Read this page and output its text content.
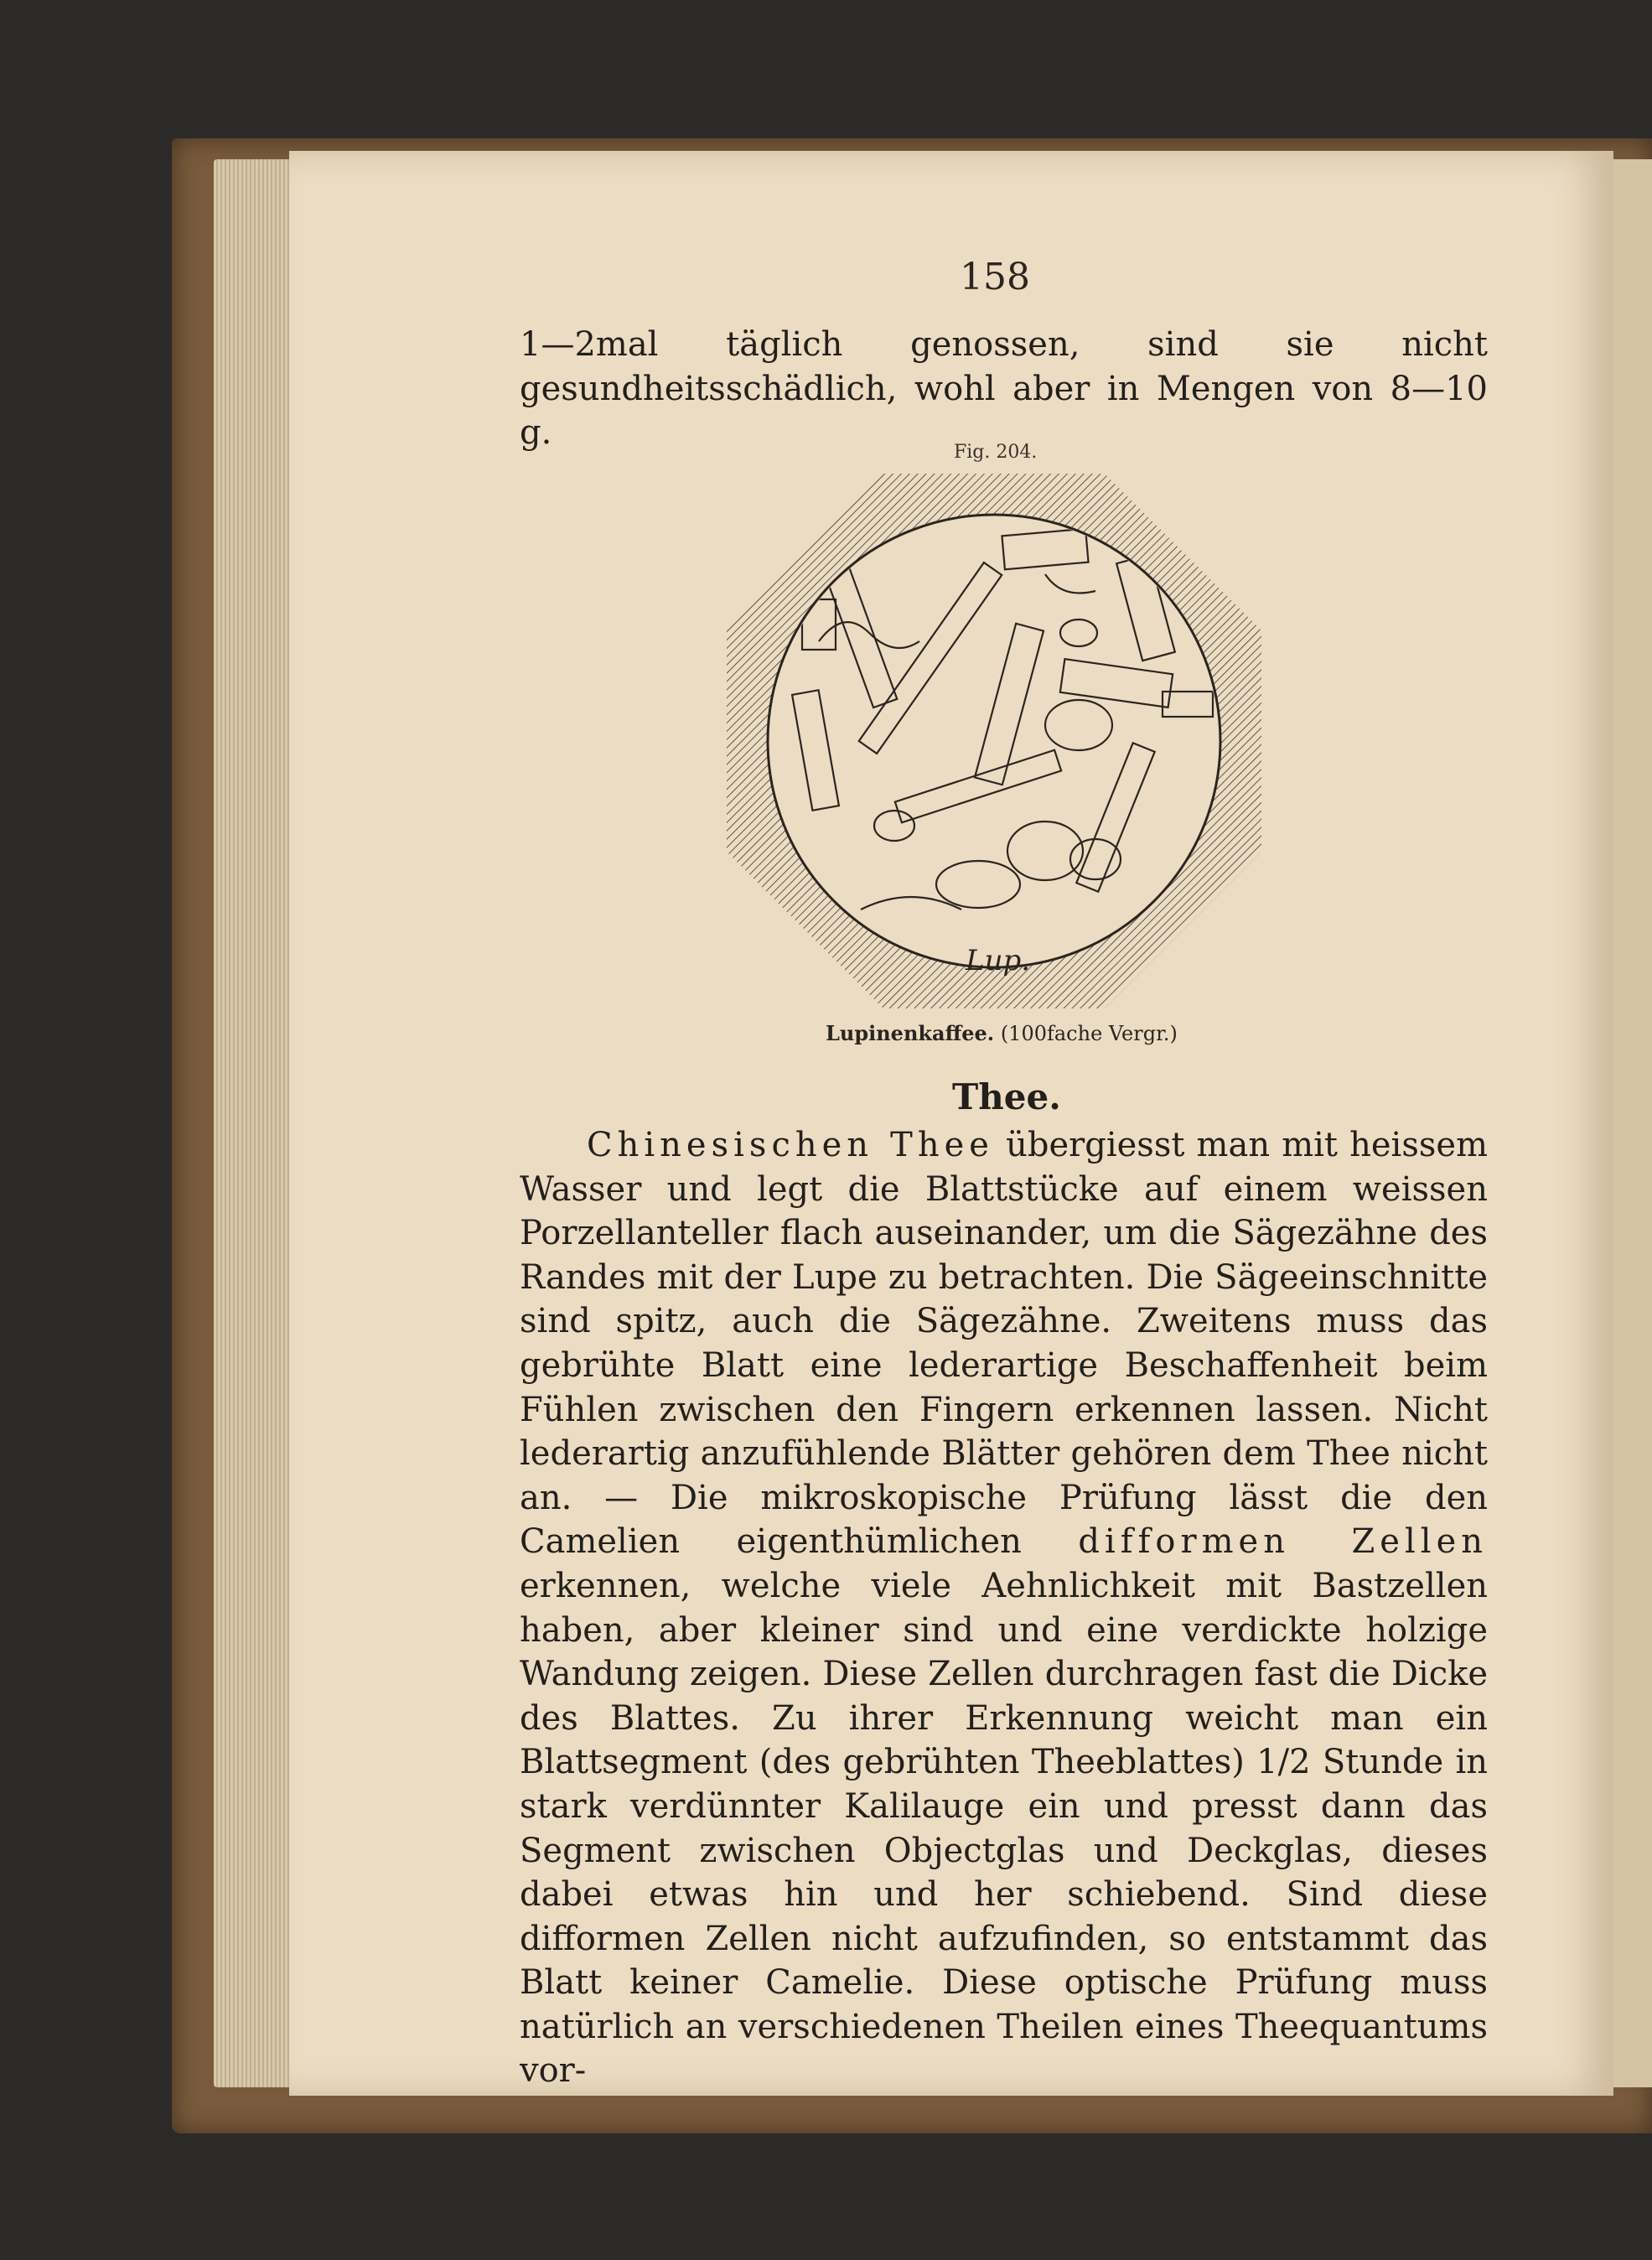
158

1—2mal täglich genossen, sind sie nicht gesundheitsschädlich, wohl aber in Mengen von 8—10 g.

Fig. 204.
Lup.
Lupinenkaffee. (100fache Vergr.)
Thee.

Chinesischen Thee übergiesst man mit heissem Wasser und legt die Blattstücke auf einem weissen Porzellanteller flach auseinander, um die Sägezähne des Randes mit der Lupe zu betrachten. Die Sägeeinschnitte sind spitz, auch die Sägezähne. Zweitens muss das gebrühte Blatt eine lederartige Beschaffenheit beim Fühlen zwischen den Fingern erkennen lassen. Nicht lederartig anzufühlende Blätter gehören dem Thee nicht an. — Die mikroskopische Prüfung lässt die den Camelien eigenthümlichen difformen Zellen erkennen, welche viele Aehnlichkeit mit Bastzellen haben, aber kleiner sind und eine verdickte holzige Wandung zeigen. Diese Zellen durchragen fast die Dicke des Blattes. Zu ihrer Erkennung weicht man ein Blattsegment (des gebrühten Theeblattes) 1/2 Stunde in stark verdünnter Kalilauge ein und presst dann das Segment zwischen Objectglas und Deckglas, dieses dabei etwas hin und her schiebend. Sind diese difformen Zellen nicht aufzufinden, so entstammt das Blatt keiner Camelie. Diese optische Prüfung muss natürlich an verschiedenen Theilen eines Theequantums vor-
